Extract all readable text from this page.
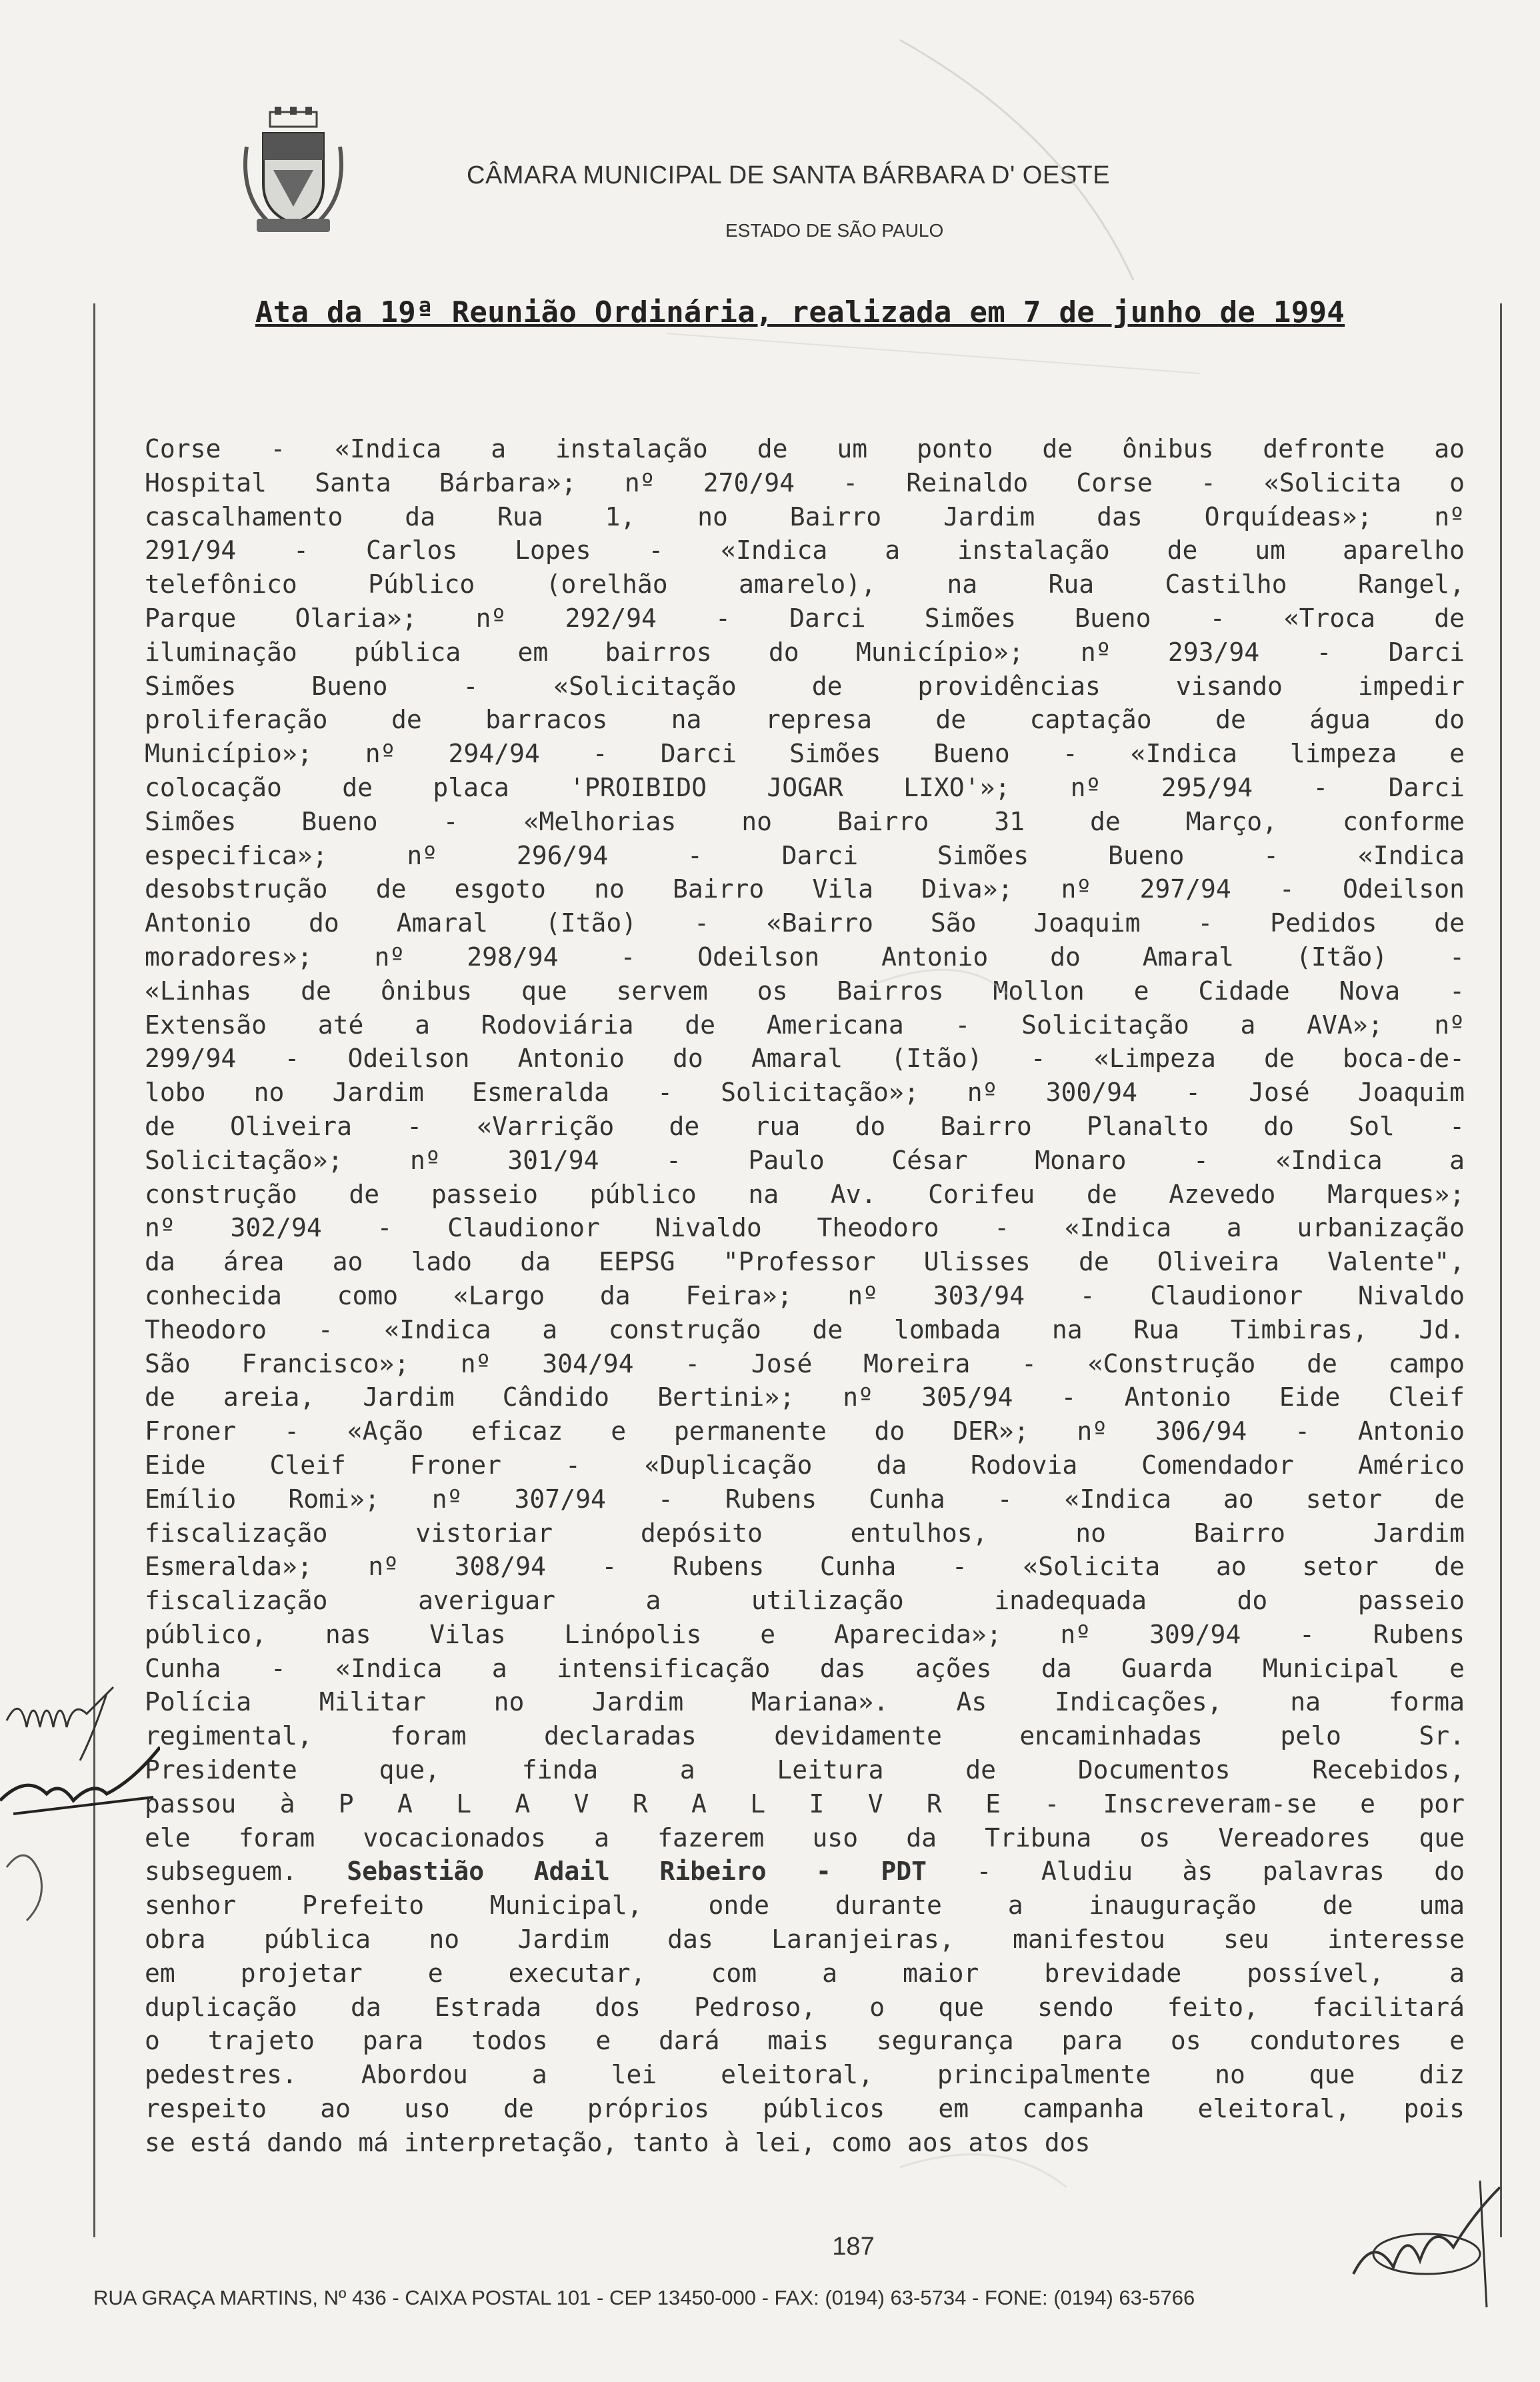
CÂMARA MUNICIPAL DE SANTA BÁRBARA D' OESTE
ESTADO DE SÃO PAULO
Ata da 19ª Reunião Ordinária, realizada em 7 de junho de 1994
Corse - «Indica a instalação de um ponto de ônibus defronte ao
Hospital Santa Bárbara»; nº 270/94 - Reinaldo Corse - «Solicita o
cascalhamento da Rua 1, no Bairro Jardim das Orquídeas»; nº
291/94 - Carlos Lopes - «Indica a instalação de um aparelho
telefônico Público (orelhão amarelo), na Rua Castilho Rangel,
Parque Olaria»; nº 292/94 - Darci Simões Bueno - «Troca de
iluminação pública em bairros do Município»; nº 293/94 - Darci
Simões Bueno - «Solicitação de providências visando impedir
proliferação de barracos na represa de captação de água do
Município»; nº 294/94 - Darci Simões Bueno - «Indica limpeza e
colocação de placa 'PROIBIDO JOGAR LIXO'»; nº 295/94 - Darci
Simões Bueno - «Melhorias no Bairro 31 de Março, conforme
especifica»; nº 296/94 - Darci Simões Bueno - «Indica
desobstrução de esgoto no Bairro Vila Diva»; nº 297/94 - Odeilson
Antonio do Amaral (Itão) - «Bairro São Joaquim - Pedidos de
moradores»; nº 298/94 - Odeilson Antonio do Amaral (Itão) -
«Linhas de ônibus que servem os Bairros Mollon e Cidade Nova -
Extensão até a Rodoviária de Americana - Solicitação a AVA»; nº
299/94 - Odeilson Antonio do Amaral (Itão) - «Limpeza de boca-de-
lobo no Jardim Esmeralda - Solicitação»; nº 300/94 - José Joaquim
de Oliveira - «Varrição de rua do Bairro Planalto do Sol -
Solicitação»; nº 301/94 - Paulo César Monaro - «Indica a
construção de passeio público na Av. Corifeu de Azevedo Marques»;
nº 302/94 - Claudionor Nivaldo Theodoro - «Indica a urbanização
da área ao lado da EEPSG "Professor Ulisses de Oliveira Valente",
conhecida como «Largo da Feira»; nº 303/94 - Claudionor Nivaldo
Theodoro - «Indica a construção de lombada na Rua Timbiras, Jd.
São Francisco»; nº 304/94 - José Moreira - «Construção de campo
de areia, Jardim Cândido Bertini»; nº 305/94 - Antonio Eide Cleif
Froner - «Ação eficaz e permanente do DER»; nº 306/94 - Antonio
Eide Cleif Froner - «Duplicação da Rodovia Comendador Américo
Emílio Romi»; nº 307/94 - Rubens Cunha - «Indica ao setor de
fiscalização vistoriar depósito entulhos, no Bairro Jardim
Esmeralda»; nº 308/94 - Rubens Cunha - «Solicita ao setor de
fiscalização averiguar a utilização inadequada do passeio
público, nas Vilas Linópolis e Aparecida»; nº 309/94 - Rubens
Cunha - «Indica a intensificação das ações da Guarda Municipal e
Polícia Militar no Jardim Mariana». As Indicações, na forma
regimental, foram declaradas devidamente encaminhadas pelo Sr.
Presidente que, finda a Leitura de Documentos Recebidos,
passou à P A L A V R A L I V R E - Inscreveram-se e por
ele foram vocacionados a fazerem uso da Tribuna os Vereadores que
subseguem. Sebastião Adail Ribeiro - PDT - Aludiu às palavras do
senhor Prefeito Municipal, onde durante a inauguração de uma
obra pública no Jardim das Laranjeiras, manifestou seu interesse
em projetar e executar, com a maior brevidade possível, a
duplicação da Estrada dos Pedroso, o que sendo feito, facilitará
o trajeto para todos e dará mais segurança para os condutores e
pedestres. Abordou a lei eleitoral, principalmente no que diz
respeito ao uso de próprios públicos em campanha eleitoral, pois
se está dando má interpretação, tanto à lei, como aos atos dos
187
RUA GRAÇA MARTINS, Nº 436 - CAIXA POSTAL 101 - CEP 13450-000 - FAX: (0194) 63-5734 - FONE: (0194) 63-5766
